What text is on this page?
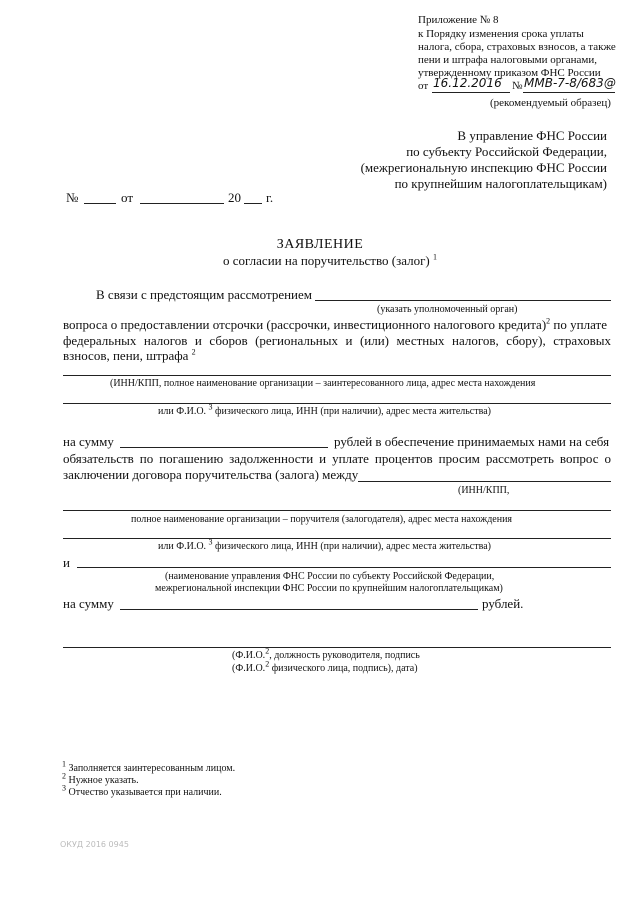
Приложение № 8
к Порядку изменения срока уплаты
налога, сбора, страховых взносов, а также
пени и штрафа налоговыми органами,
утвержденному приказом ФНС России
от 16.12.2016 № ММВ-7-8/683@
(рекомендуемый образец)
В управление ФНС России
по субъекту Российской Федерации,
(межрегиональную инспекцию ФНС России
по крупнейшим налогоплательщикам)
№	от	20 г.
ЗАЯВЛЕНИЕ
о согласии на поручительство (залог) $^1$
В связи с предстоящим рассмотрением
(указать уполномоченный орган)
вопроса о предоставлении отсрочки (рассрочки, инвестиционного налогового кредита)$^2$ по уплате
федеральных налогов и сборов (региональных и (или) местных налогов, сбору), страховых
взносов, пени, штрафа $^2$
(ИНН/КПП, полное наименование организации – заинтересованного лица, адрес места нахождения
или Ф.И.О. $^3$ физического лица, ИНН (при наличии), адрес места жительства)
на сумму	рублей в обеспечение принимаемых нами на себя
обязательств по погашению задолженности и уплате процентов просим рассмотреть вопрос о
заключении договора поручительства (залога) между
(ИНН/КПП,
полное наименование организации – поручителя (залогодателя), адрес места нахождения
или Ф.И.О. $^3$ физического лица, ИНН (при наличии), адрес места жительства)
и
(наименование управления ФНС России по субъекту Российской Федерации,
межрегиональной инспекции ФНС России по крупнейшим налогоплательщикам)
на сумму	рублей.
(Ф.И.О.$^2$, должность руководителя, подпись
(Ф.И.О.$^2$ физического лица, подпись), дата)
$^1$ Заполняется заинтересованным лицом.
$^2$ Нужное указать.
$^3$ Отчество указывается при наличии.
ОКУД 2016 0945
